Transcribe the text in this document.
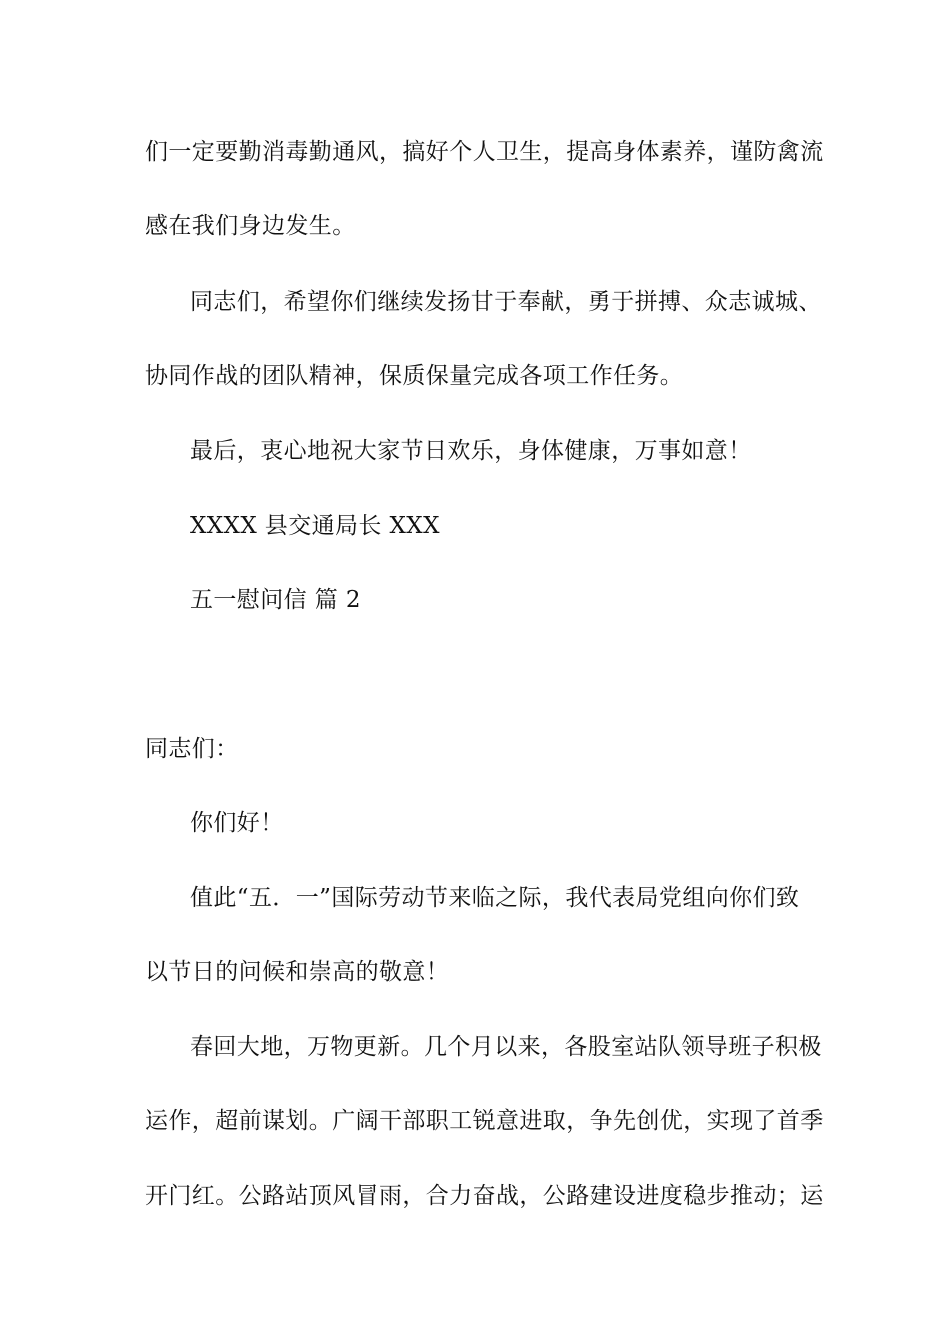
们一定要勤消毒勤通风，搞好个人卫生，提高身体素养，谨防禽流
感在我们身边发生。
同志们，希望你们继续发扬甘于奉献，勇于拼搏、众志诚城、
协同作战的团队精神，保质保量完成各项工作任务。
最后，衷心地祝大家节日欢乐，身体健康，万事如意！
XXXX 县交通局长 XXX
五一慰问信 篇 2
同志们：
你们好！
值此“五．一”国际劳动节来临之际，我代表局党组向你们致
以节日的问候和崇高的敬意！
春回大地，万物更新。几个月以来，各股室站队领导班子积极
运作，超前谋划。广阔干部职工锐意进取，争先创优，实现了首季
开门红。公路站顶风冒雨，合力奋战，公路建设进度稳步推动；运
